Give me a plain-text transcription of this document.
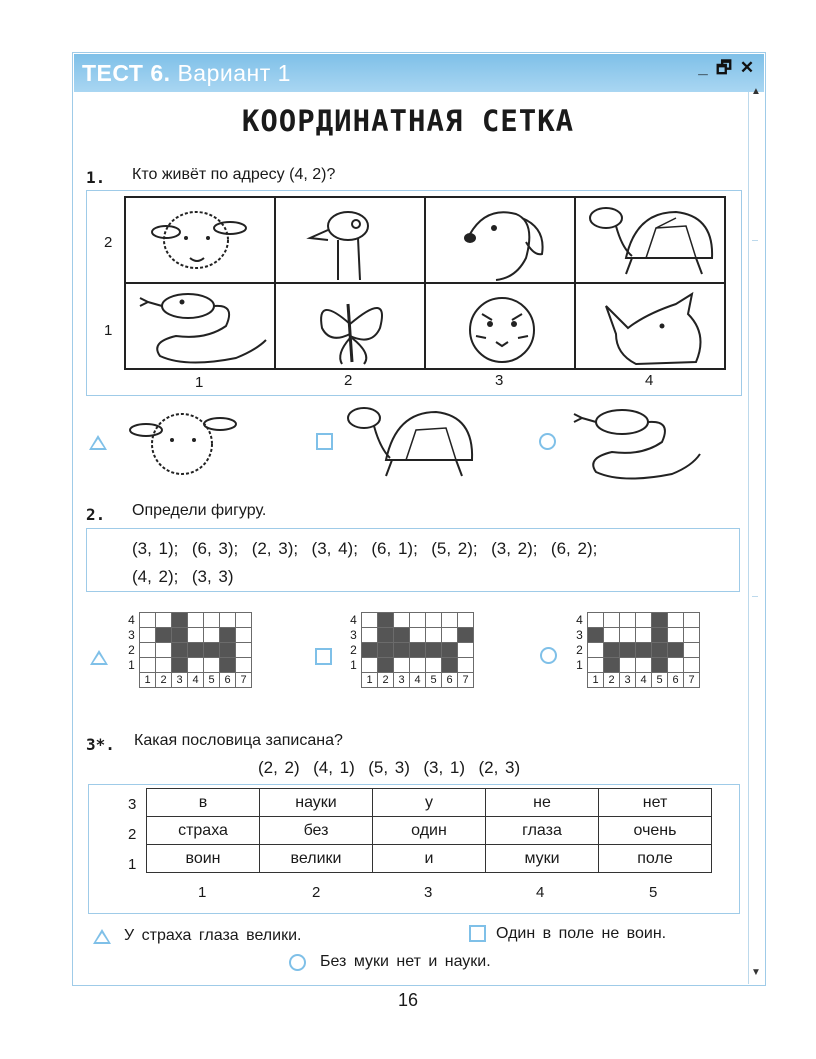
ТЕСТ 6. Вариант 1	_ 🗗 ✕
▲
▼
КООРДИНАТНАЯ СЕТКА
1. Кто живёт по адресу (4, 2)?
2
1

1	2	3	4
2. Определи фигуру.
(3, 1);  (6, 3);  (2, 3);  (3, 4);  (6, 1);  (5, 2);  (3, 2);  (6, 2);
(4, 2);  (3, 3)
4							
3							
2							
1							
	1	2	3	4	5	6	7
4							
3							
2							
1							
	1	2	3	4	5	6	7
4							
3							
2							
1							
	1	2	3	4	5	6	7
3*. Какая пословица записана?
(2, 2)  (4, 1)  (5, 3)  (3, 1)  (2, 3)
3
2
1
в	науки	у	не	нет
страха	без	один	глаза	очень
воин	велики	и	муки	поле
1	2	3	4	5
У страха глаза велики.	Один в поле не воин.
Без муки нет и науки.
16
